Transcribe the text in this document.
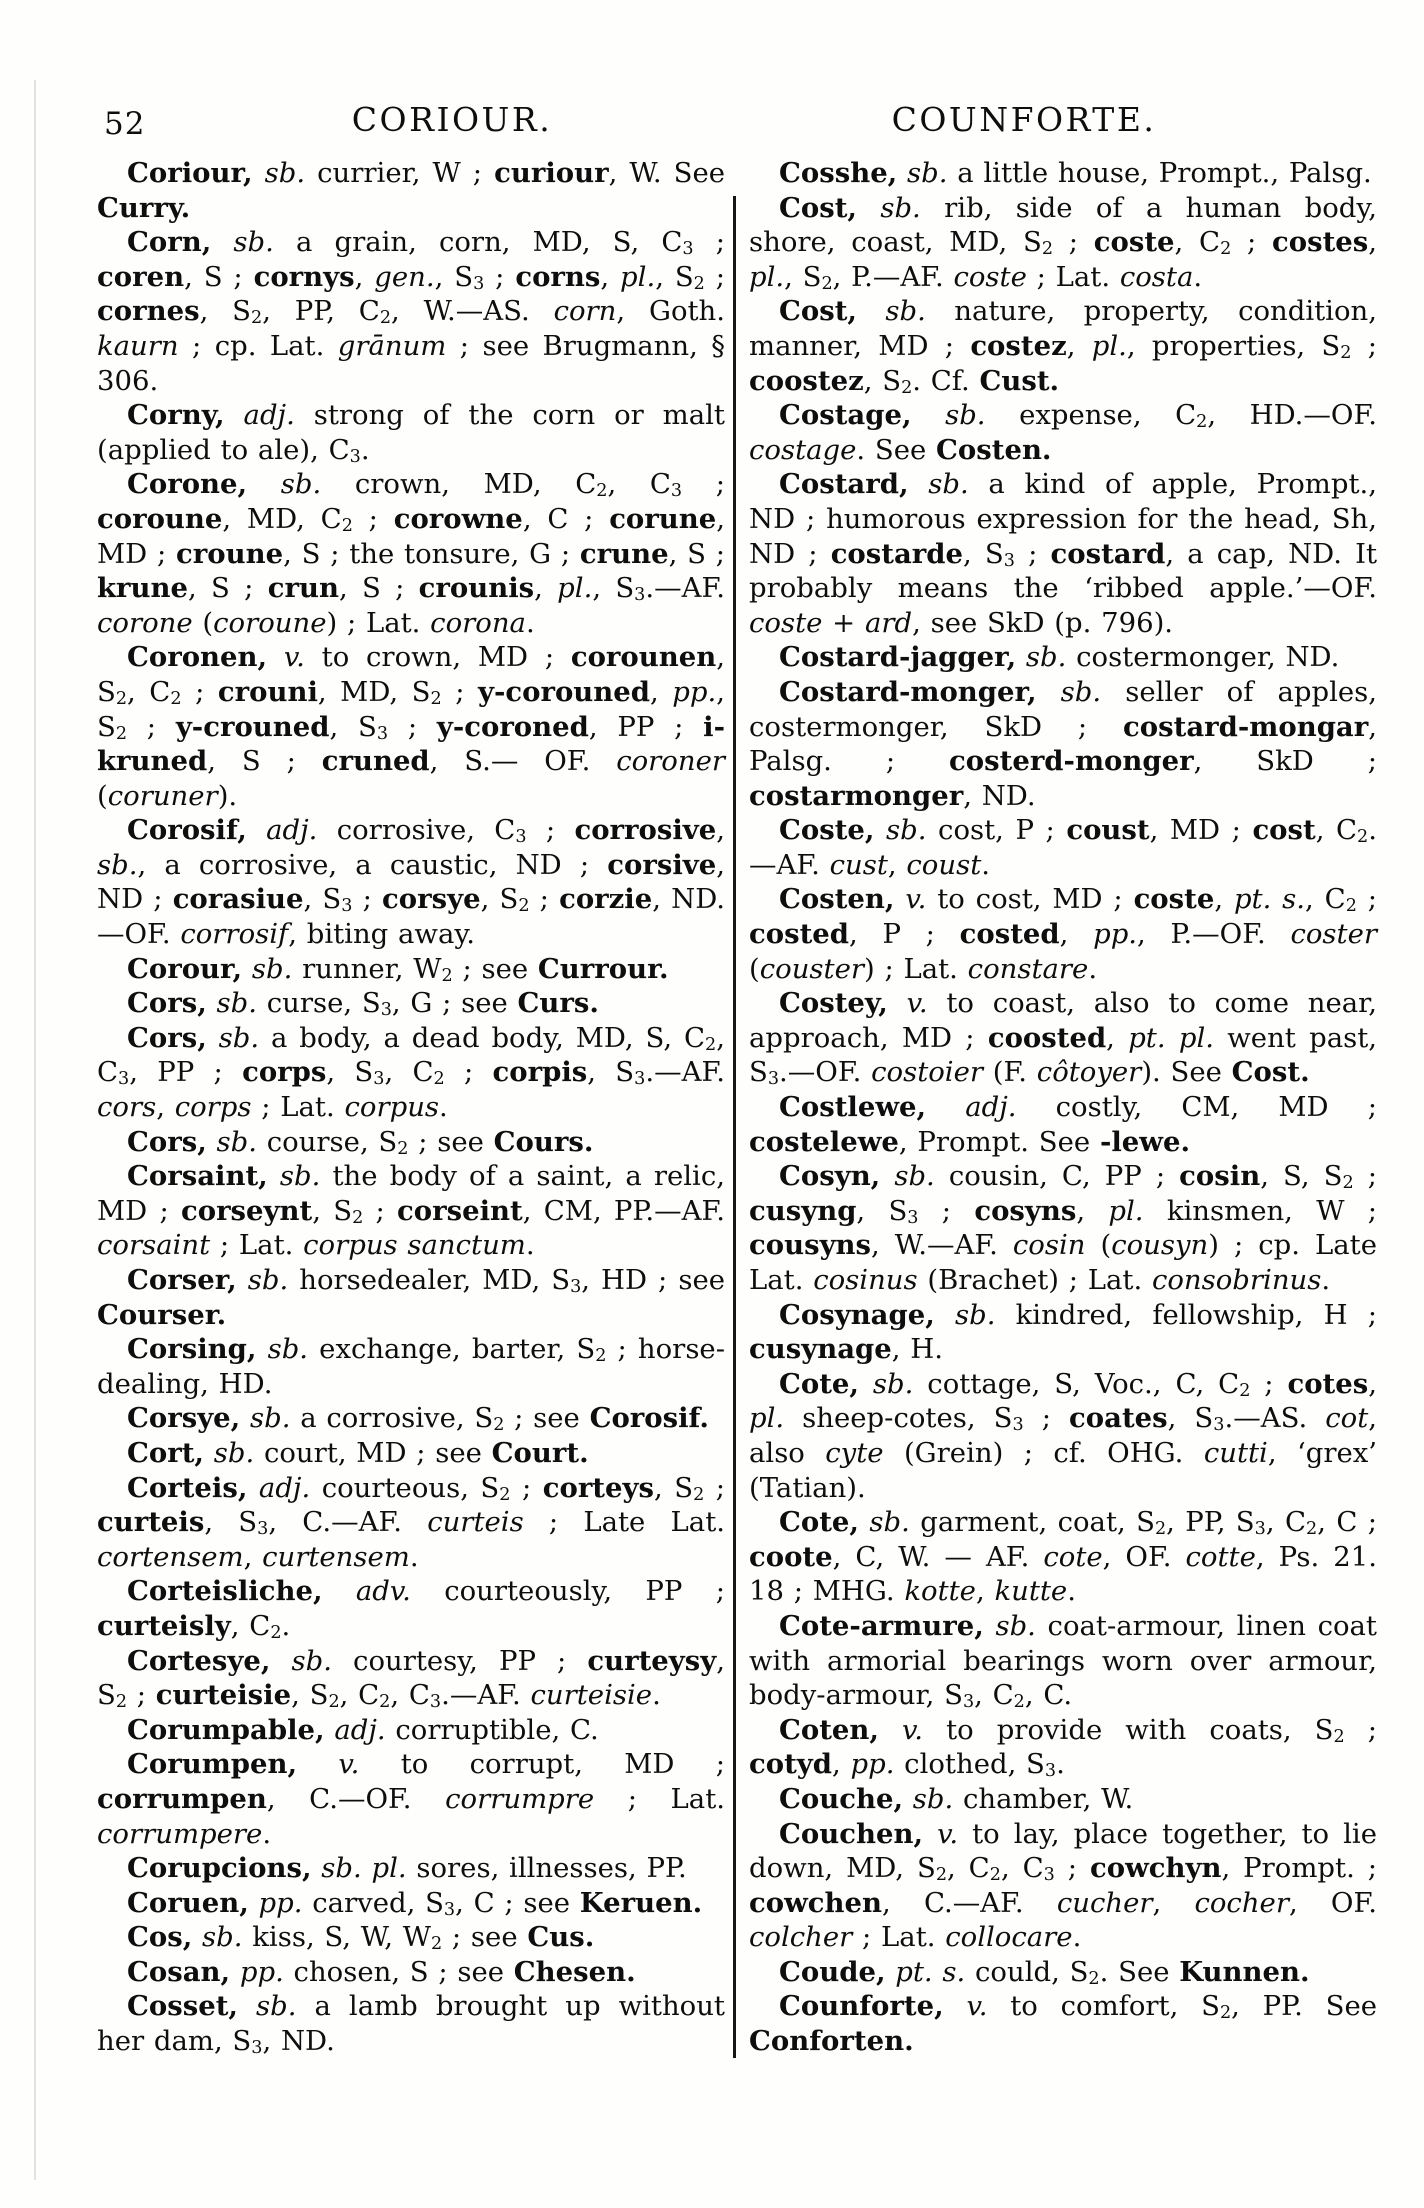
52	CORIOUR.	COUNFORTE.

Coriour, sb. currier, W ; curiour, W. See Curry.

Corn, sb. a grain, corn, MD, S, $C_3$ ; coren, S ; cornys, gen., $S_3$ ; corns, pl., $S_2$ ; cornes, $S_2$, PP, $C_2$, W.—AS. corn, Goth. kaurn ; cp. Lat. grānum ; see Brugmann, § 306.

Corny, adj. strong of the corn or malt (applied to ale), $C_3$.

Corone, sb. crown, MD, $C_2$, $C_3$ ; coroune, MD, $C_2$ ; corowne, C ; corune, MD ; croune, S ; the tonsure, G ; crune, S ; krune, S ; crun, S ; crounis, pl., $S_3.—AF$. corone (coroune) ; Lat. corona.

Coronen, v. to crown, MD ; corounen, $S_2$, $C_2$ ; crouni, MD, $S_2$ ; y-corouned, pp., $S_2$ ; y-crouned, $S_3$ ; y-coroned, PP ; i-kruned, S ; cruned, S.— OF. coroner (coruner).

Corosif, adj. corrosive, $C_3$ ; corrosive, sb., a corrosive, a caustic, ND ; corsive, ND ; corasiue, $S_3$ ; corsye, $S_2$ ; corzie, ND.—OF. corrosif, biting away.

Corour, sb. runner, $W_2$ ; see Currour.

Cors, sb. curse, $S_3$, G ; see Curs.

Cors, sb. a body, a dead body, MD, S, $C_2$, $C_3$, PP ; corps, $S_3$, $C_2$ ; corpis, $S_3.—AF$. cors, corps ; Lat. corpus.

Cors, sb. course, $S_2$ ; see Cours.

Corsaint, sb. the body of a saint, a relic, MD ; corseynt, $S_2$ ; corseint, CM, PP.—AF. corsaint ; Lat. corpus sanctum.

Corser, sb. horsedealer, MD, $S_3$, HD ; see Courser.

Corsing, sb. exchange, barter, $S_2$ ; horse-dealing, HD.

Corsye, sb. a corrosive, $S_2$ ; see Corosif.

Cort, sb. court, MD ; see Court.

Corteis, adj. courteous, $S_2$ ; corteys, $S_2$ ; curteis, $S_3$, C.—AF. curteis ; Late Lat. cortensem, curtensem.

Corteisliche, adv. courteously, PP ; curteisly, $C_2$.

Cortesye, sb. courtesy, PP ; curteysy, $S_2$ ; curteisie, $S_2$, $C_2$, $C_3.—AF$. curteisie.

Corumpable, adj. corruptible, C.

Corumpen, v. to corrupt, MD ; corrumpen, C.—OF. corrumpre ; Lat. corrumpere.

Corupcions, sb. pl. sores, illnesses, PP.

Coruen, pp. carved, $S_3$, C ; see Keruen.

Cos, sb. kiss, S, W, $W_2$ ; see Cus.

Cosan, pp. chosen, S ; see Chesen.

Cosset, sb. a lamb brought up without her dam, $S_3$, ND.

Cosshe, sb. a little house, Prompt., Palsg.

Cost, sb. rib, side of a human body, shore, coast, MD, $S_2$ ; coste, $C_2$ ; costes, pl., $S_2$, P.—AF. coste ; Lat. costa.

Cost, sb. nature, property, condition, manner, MD ; costez, pl., properties, $S_2$ ; coostez, $S_2$. Cf. Cust.

Costage, sb. expense, $C_2$, HD.—OF. costage. See Costen.

Costard, sb. a kind of apple, Prompt., ND ; humorous expression for the head, Sh, ND ; costarde, $S_3$ ; costard, a cap, ND. It probably means the ‘ribbed apple.’—OF. coste + ard, see SkD (p. 796).

Costard-jagger, sb. costermonger, ND.

Costard-monger, sb. seller of apples, costermonger, SkD ; costard-mongar, Palsg. ; costerd-monger, SkD ; costarmonger, ND.

Coste, sb. cost, P ; coust, MD ; cost, $C_2.—AF$. cust, coust.

Costen, v. to cost, MD ; coste, pt. s., $C_2$ ; costed, P ; costed, pp., P.—OF. coster (couster) ; Lat. constare.

Costey, v. to coast, also to come near, approach, MD ; coosted, pt. pl. went past, $S_3.—OF$. costoier (F. côtoyer). See Cost.

Costlewe, adj. costly, CM, MD ; costelewe, Prompt. See -lewe.

Cosyn, sb. cousin, C, PP ; cosin, S, $S_2$ ; cusyng, $S_3$ ; cosyns, pl. kinsmen, W ; cousyns, W.—AF. cosin (cousyn) ; cp. Late Lat. cosinus (Brachet) ; Lat. consobrinus.

Cosynage, sb. kindred, fellowship, H ; cusynage, H.

Cote, sb. cottage, S, Voc., C, $C_2$ ; cotes, pl. sheep-cotes, $S_3$ ; coates, $S_3.—AS$. cot, also cyte (Grein) ; cf. OHG. cutti, ‘grex’ (Tatian).

Cote, sb. garment, coat, $S_2$, PP, $S_3$, $C_2$, C ; coote, C, W. — AF. cote, OF. cotte, Ps. 21. 18 ; MHG. kotte, kutte.

Cote-armure, sb. coat-armour, linen coat with armorial bearings worn over armour, body-armour, $S_3$, $C_2$, C.

Coten, v. to provide with coats, $S_2$ ; cotyd, pp. clothed, $S_3$.

Couche, sb. chamber, W.

Couchen, v. to lay, place together, to lie down, MD, $S_2$, $C_2$, $C_3$ ; cowchyn, Prompt. ; cowchen, C.—AF. cucher, cocher, OF. colcher ; Lat. collocare.

Coude, pt. s. could, $S_2$. See Kunnen.

Counforte, v. to comfort, $S_2$, PP. See Conforten.
